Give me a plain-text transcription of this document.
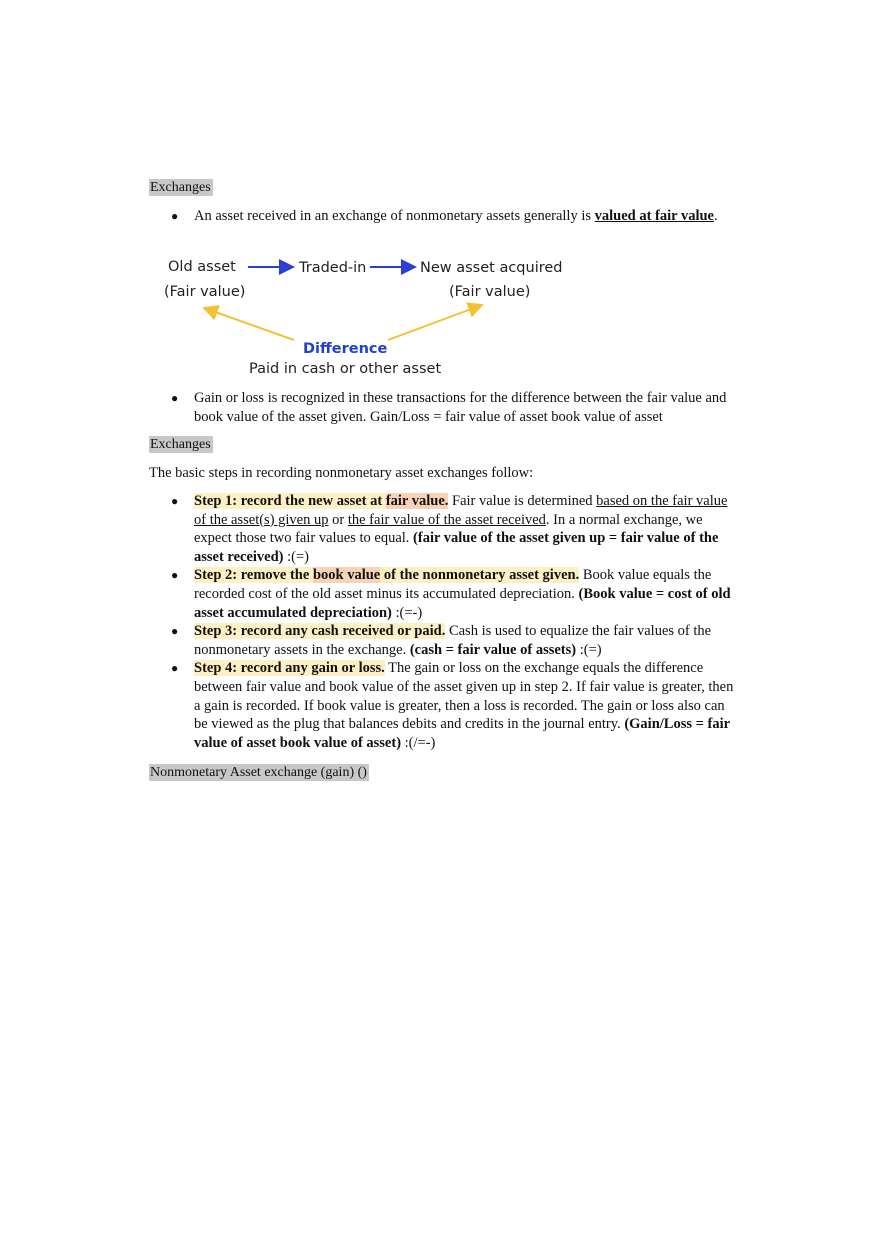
Exchanges
● An asset received in an exchange of nonmonetary assets generally is valued at fair value.
Old asset
(Fair value)
Traded-in	New asset acquired
(Fair value)
Difference
Paid in cash or other asset
● Gain or loss is recognized in these transactions for the difference between the fair value and book value of the asset given. Gain/Loss = fair value of asset book value of asset
Exchanges
The basic steps in recording nonmonetary asset exchanges follow:
● Step 1: record the new asset at fair value. Fair value is determined based on the fair value of the asset(s) given up or the fair value of the asset received. In a normal exchange, we expect those two fair values to equal. (fair value of the asset given up = fair value of the asset received) :(=)
● Step 2: remove the book value of the nonmonetary asset given. Book value equals the recorded cost of the old asset minus its accumulated depreciation. (Book value = cost of old asset accumulated depreciation) :(=-)
● Step 3: record any cash received or paid. Cash is used to equalize the fair values of the nonmonetary assets in the exchange. (cash = fair value of assets) :(=)
● Step 4: record any gain or loss. The gain or loss on the exchange equals the difference between fair value and book value of the asset given up in step 2. If fair value is greater, then a gain is recorded. If book value is greater, then a loss is recorded. The gain or loss also can be viewed as the plug that balances debits and credits in the journal entry. (Gain/Loss = fair value of asset book value of asset) :(/=-)
Nonmonetary Asset exchange (gain) ()
